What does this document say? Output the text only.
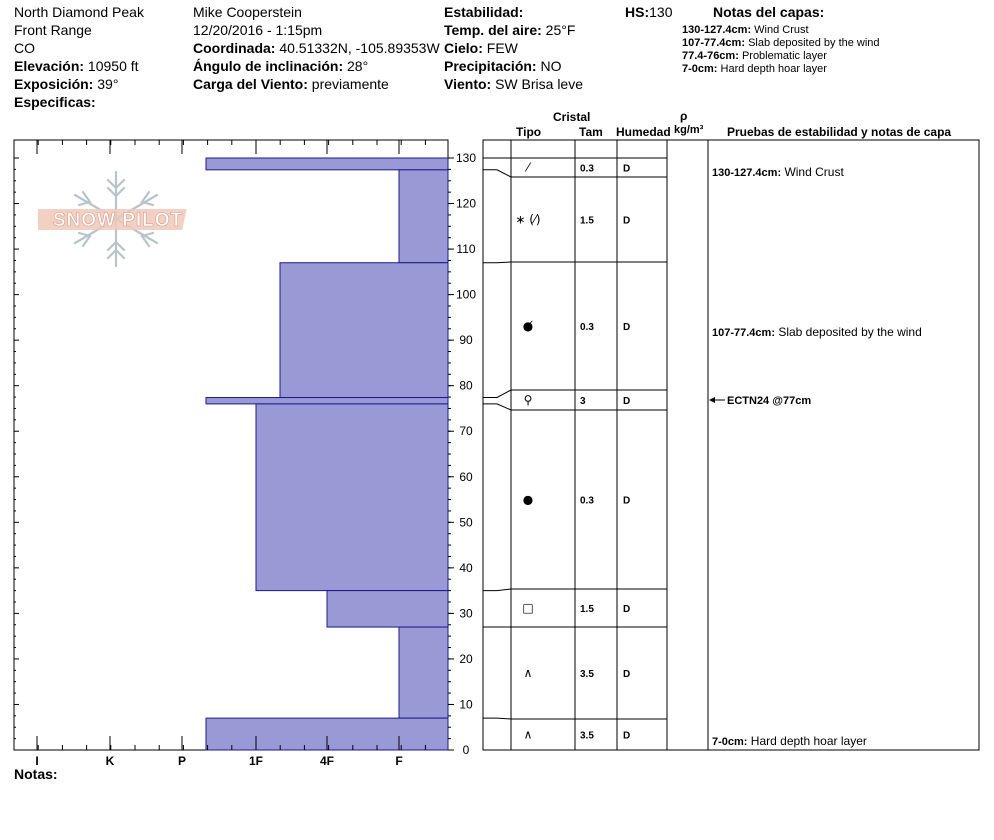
North Diamond Peak
Front Range
CO
Elevación: 10950 ft
Exposición: 39°
Especificas:
Mike Cooperstein
12/20/2016 - 1:15pm
Coordinada: 40.51332N, -105.89353W
Ángulo de inclinación: 28°
Carga del Viento: previamente
Estabilidad:
Temp. del aire: 25°F
Cielo: FEW
Precipitación: NO
Viento: SW Brisa leve
HS:130	Notas del capas:
130-127.4cm: Wind Crust
107-77.4cm: Slab deposited by the wind
77.4-76cm: Problematic layer
7-0cm: Hard depth hoar layer
Cristal
Tipo	Tam Humedad
ρ
kg/m³ Pruebas de estabilidad y notas de capa
SNOW PILOT
I	K	P	1F	4F	F
0
10
20
30
40
50
60
70
80
90
100
110
120
130
⁄	0.3	D
∗ (⁄)	1.5	D
●̸	0.3	D
⚲	3	D
●	0.3	D
□	1.5	D
∧	3.5	D
∧	3.5	D
130-127.4cm: Wind Crust
107-77.4cm: Slab deposited by the wind
7-0cm: Hard depth hoar layer
ECTN24 @77cm
Notas:
